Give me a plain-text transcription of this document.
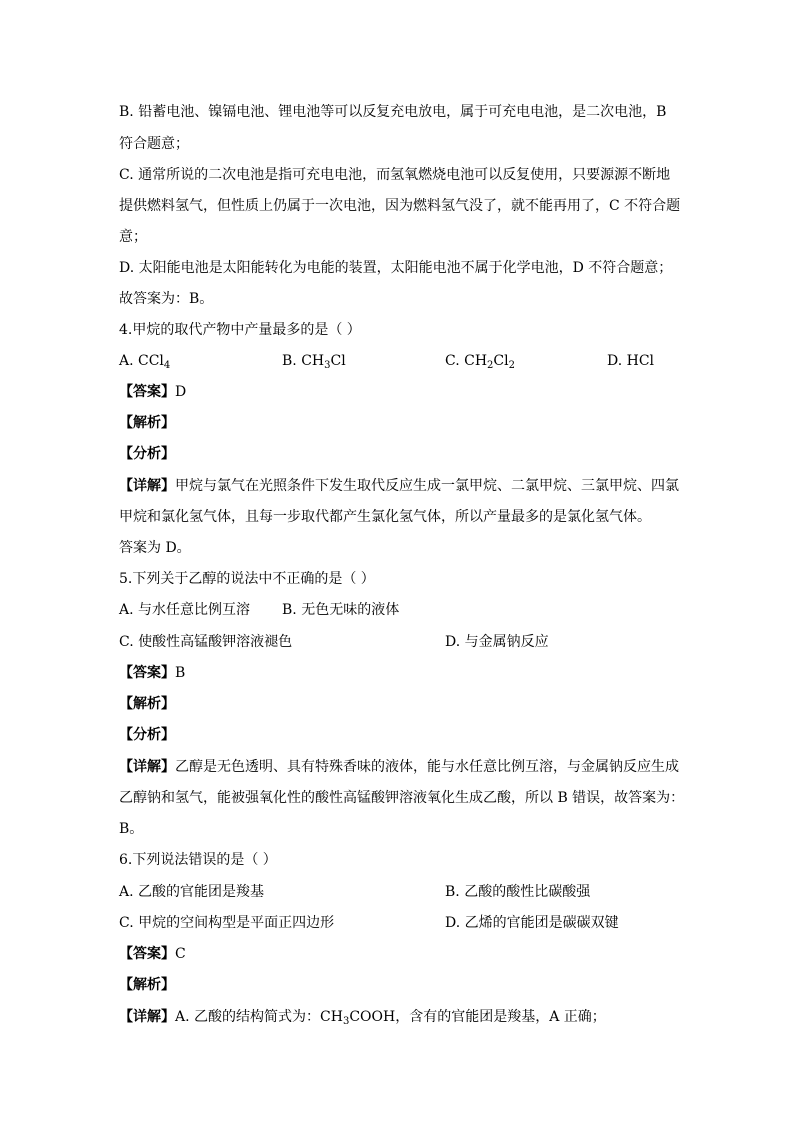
B. 铅蓄电池、镍镉电池、锂电池等可以反复充电放电，属于可充电电池，是二次电池，B
符合题意；
C. 通常所说的二次电池是指可充电电池，而氢氧燃烧电池可以反复使用，只要源源不断地
提供燃料氢气，但性质上仍属于一次电池，因为燃料氢气没了，就不能再用了，C 不符合题
意；
D. 太阳能电池是太阳能转化为电能的装置，太阳能电池不属于化学电池，D 不符合题意；
故答案为：B。
4.甲烷的取代产物中产量最多的是（ ）
A. CCl$_4$	B. $CH_3Cl$	C. $CH_2Cl_2$	D. HCl
【答案】D
【解析】
【分析】
【详解】甲烷与氯气在光照条件下发生取代反应生成一氯甲烷、二氯甲烷、三氯甲烷、四氯
甲烷和氯化氢气体，且每一步取代都产生氯化氢气体，所以产量最多的是氯化氢气体。
答案为 D。
5.下列关于乙醇的说法中不正确的是（ ）
A. 与水任意比例互溶 B. 无色无味的液体
C. 使酸性高锰酸钾溶液褪色	D. 与金属钠反应
【答案】B
【解析】
【分析】
【详解】乙醇是无色透明、具有特殊香味的液体，能与水任意比例互溶，与金属钠反应生成
乙醇钠和氢气，能被强氧化性的酸性高锰酸钾溶液氧化生成乙酸，所以 B 错误，故答案为：
B。
6.下列说法错误的是（ ）
A. 乙酸的官能团是羧基	B. 乙酸的酸性比碳酸强
C. 甲烷的空间构型是平面正四边形	D. 乙烯的官能团是碳碳双键
【答案】C
【解析】
【详解】A. 乙酸的结构简式为：$CH_3COOH$，含有的官能团是羧基，A 正确；
